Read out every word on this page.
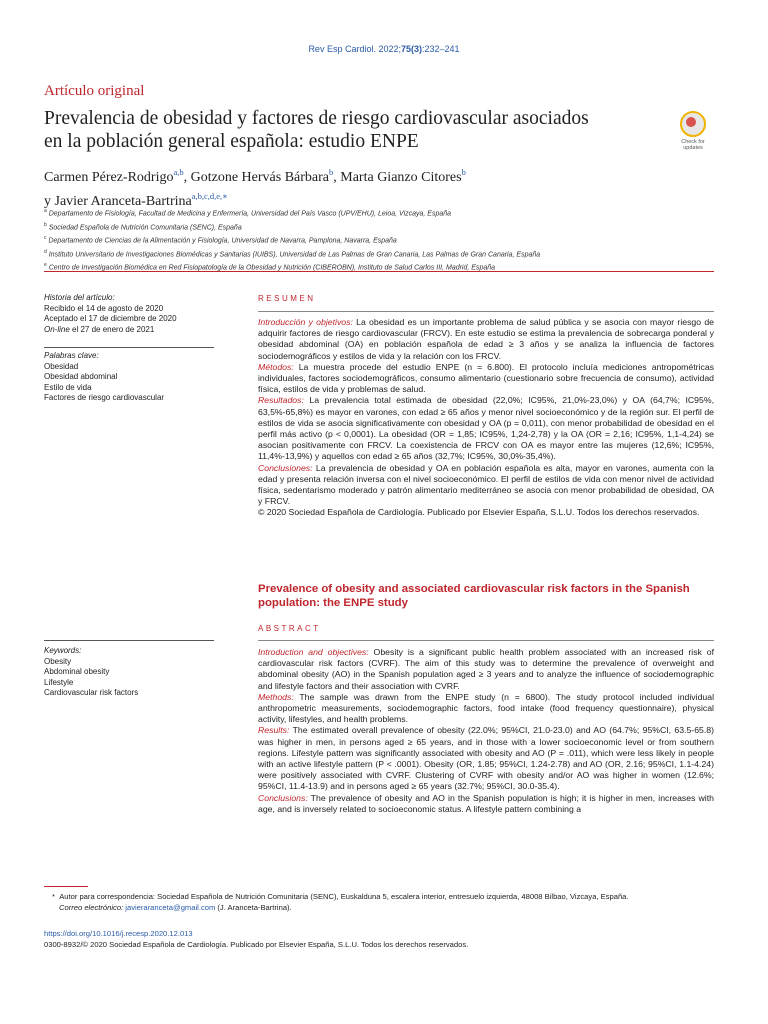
Rev Esp Cardiol. 2022;75(3):232–241
Artículo original
Prevalencia de obesidad y factores de riesgo cardiovascular asociados
en la población general española: estudio ENPE	Check for
updates
Carmen Pérez-Rodrigo$^{a,b}$, Gotzone Hervás Bárbara$^b$, Marta Gianzo Citores$^b$
y Javier Aranceta-Bartrina$^{a,b,c,d,e,∗}$
$^a$ Departamento de Fisiología, Facultad de Medicina y Enfermería, Universidad del País Vasco (UPV/EHU), Leioa, Vizcaya, España
$^b$ Sociedad Española de Nutrición Comunitaria (SENC), España
$^c$ Departamento de Ciencias de la Alimentación y Fisiología, Universidad de Navarra, Pamplona, Navarra, España
$^d$ Instituto Universitario de Investigaciones Biomédicas y Sanitarias (IUIBS), Universidad de Las Palmas de Gran Canaria, Las Palmas de Gran Canaria, España
$^e$ Centro de Investigación Biomédica en Red Fisiopatología de la Obesidad y Nutrición (CIBEROBN), Instituto de Salud Carlos III, Madrid, España
Historia del artículo:
Recibido el 14 de agosto de 2020
Aceptado el 17 de diciembre de 2020
On-line el 27 de enero de 2021
Palabras clave:
Obesidad
Obesidad abdominal
Estilo de vida
Factores de riesgo cardiovascular
RESUMEN

Introducción y objetivos: La obesidad es un importante problema de salud pública y se asocia con mayor riesgo de adquirir factores de riesgo cardiovascular (FRCV). En este estudio se estima la prevalencia de sobrecarga ponderal y obesidad abdominal (OA) en población española de edad ≥ 3 años y se analiza la influencia de factores sociodemográficos y estilos de vida y la relación con los FRCV.

Métodos: La muestra procede del estudio ENPE (n = 6.800). El protocolo incluía mediciones antropométricas individuales, factores sociodemográficos, consumo alimentario (cuestionario sobre frecuencia de consumo), actividad física, estilos de vida y problemas de salud.

Resultados: La prevalencia total estimada de obesidad (22,0%; IC95%, 21,0%-23,0%) y OA (64,7%; IC95%, 63,5%-65,8%) es mayor en varones, con edad ≥ 65 años y menor nivel socioeconómico y de la región sur. El perfil de estilos de vida se asocia significativamente con obesidad y OA (p = 0,011), con menor probabilidad de obesidad en el perfil más activo (p < 0,0001). La obesidad (OR = 1,85; IC95%, 1,24-2,78) y la OA (OR = 2,16; IC95%, 1,1-4,24) se asocian positivamente con FRCV. La coexistencia de FRCV con OA es mayor entre las mujeres (12,6%; IC95%, 11,4%-13,9%) y aquellos con edad ≥ 65 años (32,7%; IC95%, 30,0%-35,4%).

Conclusiones: La prevalencia de obesidad y OA en población española es alta, mayor en varones, aumenta con la edad y presenta relación inversa con el nivel socioeconómico. El perfil de estilos de vida con menor nivel de actividad física, sedentarismo moderado y patrón alimentario mediterráneo se asocia con menor probabilidad de obesidad, OA y FRCV.

© 2020 Sociedad Española de Cardiología. Publicado por Elsevier España, S.L.U. Todos los derechos reservados.

Prevalence of obesity and associated cardiovascular risk factors in the Spanish
population: the ENPE study
ABSTRACT
Keywords:
Obesity
Abdominal obesity
Lifestyle
Cardiovascular risk factors

Introduction and objectives: Obesity is a significant public health problem associated with an increased risk of cardiovascular risk factors (CVRF). The aim of this study was to determine the prevalence of overweight and abdominal obesity (AO) in the Spanish population aged ≥ 3 years and to analyze the influence of sociodemographic and lifestyle factors and their association with CVRF.

Methods: The sample was drawn from the ENPE study (n = 6800). The study protocol included individual anthropometric measurements, sociodemographic factors, food intake (food frequency questionnaire), physical activity, lifestyles, and health problems.

Results: The estimated overall prevalence of obesity (22.0%; 95%CI, 21.0-23.0) and AO (64.7%; 95%CI, 63.5-65.8) was higher in men, in persons aged ≥ 65 years, and in those with a lower socioeconomic level or from southern regions. Lifestyle pattern was significantly associated with obesity and AO (P = .011), which were less likely in people with an active lifestyle pattern (P < .0001). Obesity (OR, 1.85; 95%CI, 1.24-2.78) and AO (OR, 2.16; 95%CI, 1.1-4.24) were positively associated with CVRF. Clustering of CVRF with obesity and/or AO was higher in women (12.6%; 95%CI, 11.4-13.9) and in persons aged ≥ 65 years (32.7%; 95%CI, 30.0-35.4).

Conclusions: The prevalence of obesity and AO in the Spanish population is high; it is higher in men, increases with age, and is inversely related to socioeconomic status. A lifestyle pattern combining a

* Autor para correspondencia: Sociedad Española de Nutrición Comunitaria (SENC), Euskalduna 5, escalera interior, entresuelo izquierda, 48008 Bilbao, Vizcaya, España.
Correo electrónico: javieraranceta@gmail.com (J. Aranceta-Bartrina).
https://doi.org/10.1016/j.recesp.2020.12.013
0300-8932/© 2020 Sociedad Española de Cardiología. Publicado por Elsevier España, S.L.U. Todos los derechos reservados.
